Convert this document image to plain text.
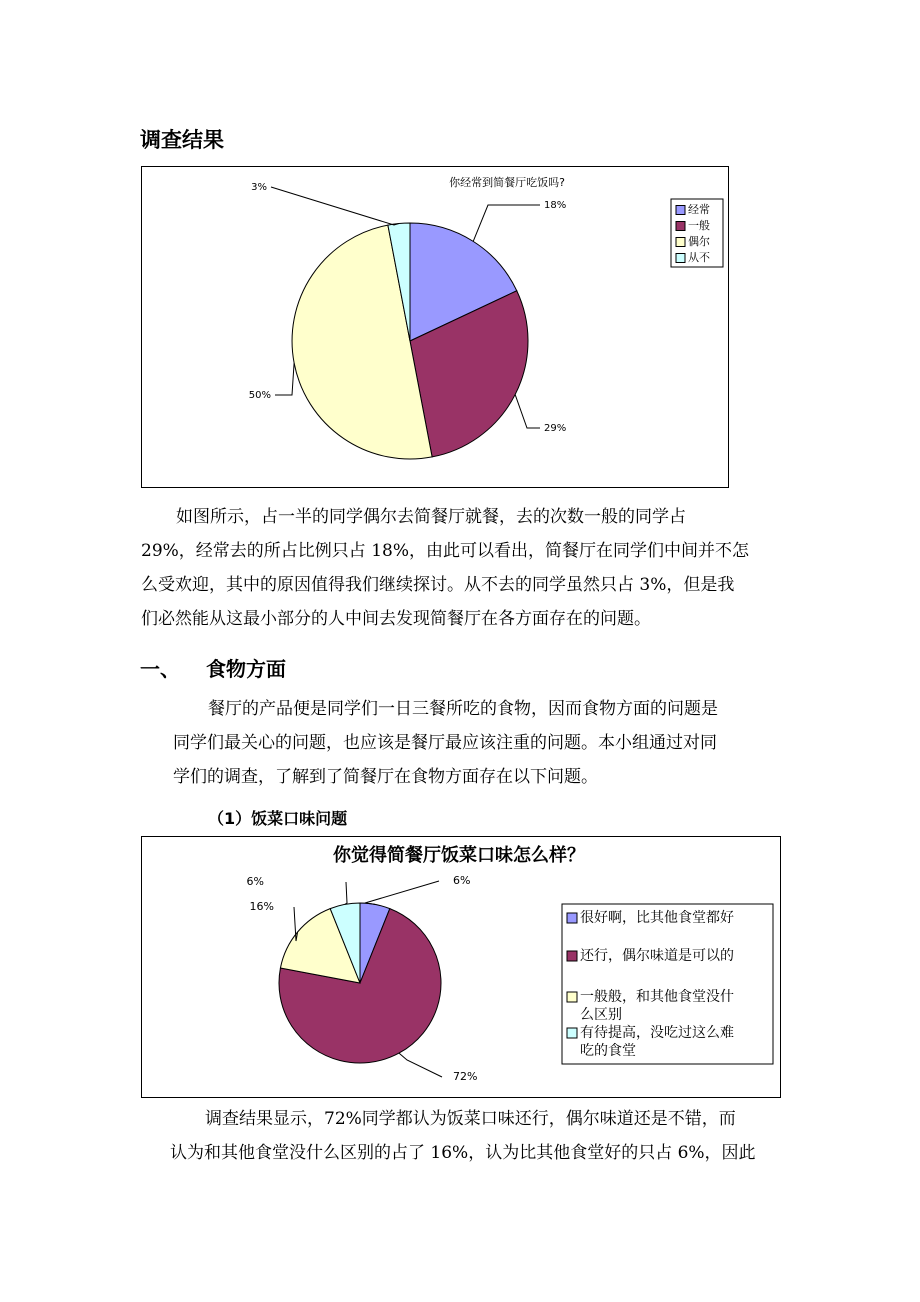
调查结果
18%
29%
50%
3%	你经常到简餐厅吃饭吗?
经常
一般
偶尔
从不
如图所示，占一半的同学偶尔去简餐厅就餐，去的次数一般的同学占
29%，经常去的所占比例只占 18%，由此可以看出，简餐厅在同学们中间并不怎
么受欢迎，其中的原因值得我们继续探讨。从不去的同学虽然只占 3%，但是我
们必然能从这最小部分的人中间去发现简餐厅在各方面存在的问题。
一、 食物方面
餐厅的产品便是同学们一日三餐所吃的食物，因而食物方面的问题是
同学们最关心的问题，也应该是餐厅最应该注重的问题。本小组通过对同
学们的调查，了解到了简餐厅在食物方面存在以下问题。
（1）饭菜口味问题
6%
72%
16%
6%
你觉得简餐厅饭菜口味怎么样？
很好啊，比其他食堂都好
还行，偶尔味道是可以的
一般般，和其他食堂没什
么区别
有待提高，没吃过这么难
吃的食堂
调查结果显示，72%同学都认为饭菜口味还行，偶尔味道还是不错，而
认为和其他食堂没什么区别的占了 16%，认为比其他食堂好的只占 6%，因此
